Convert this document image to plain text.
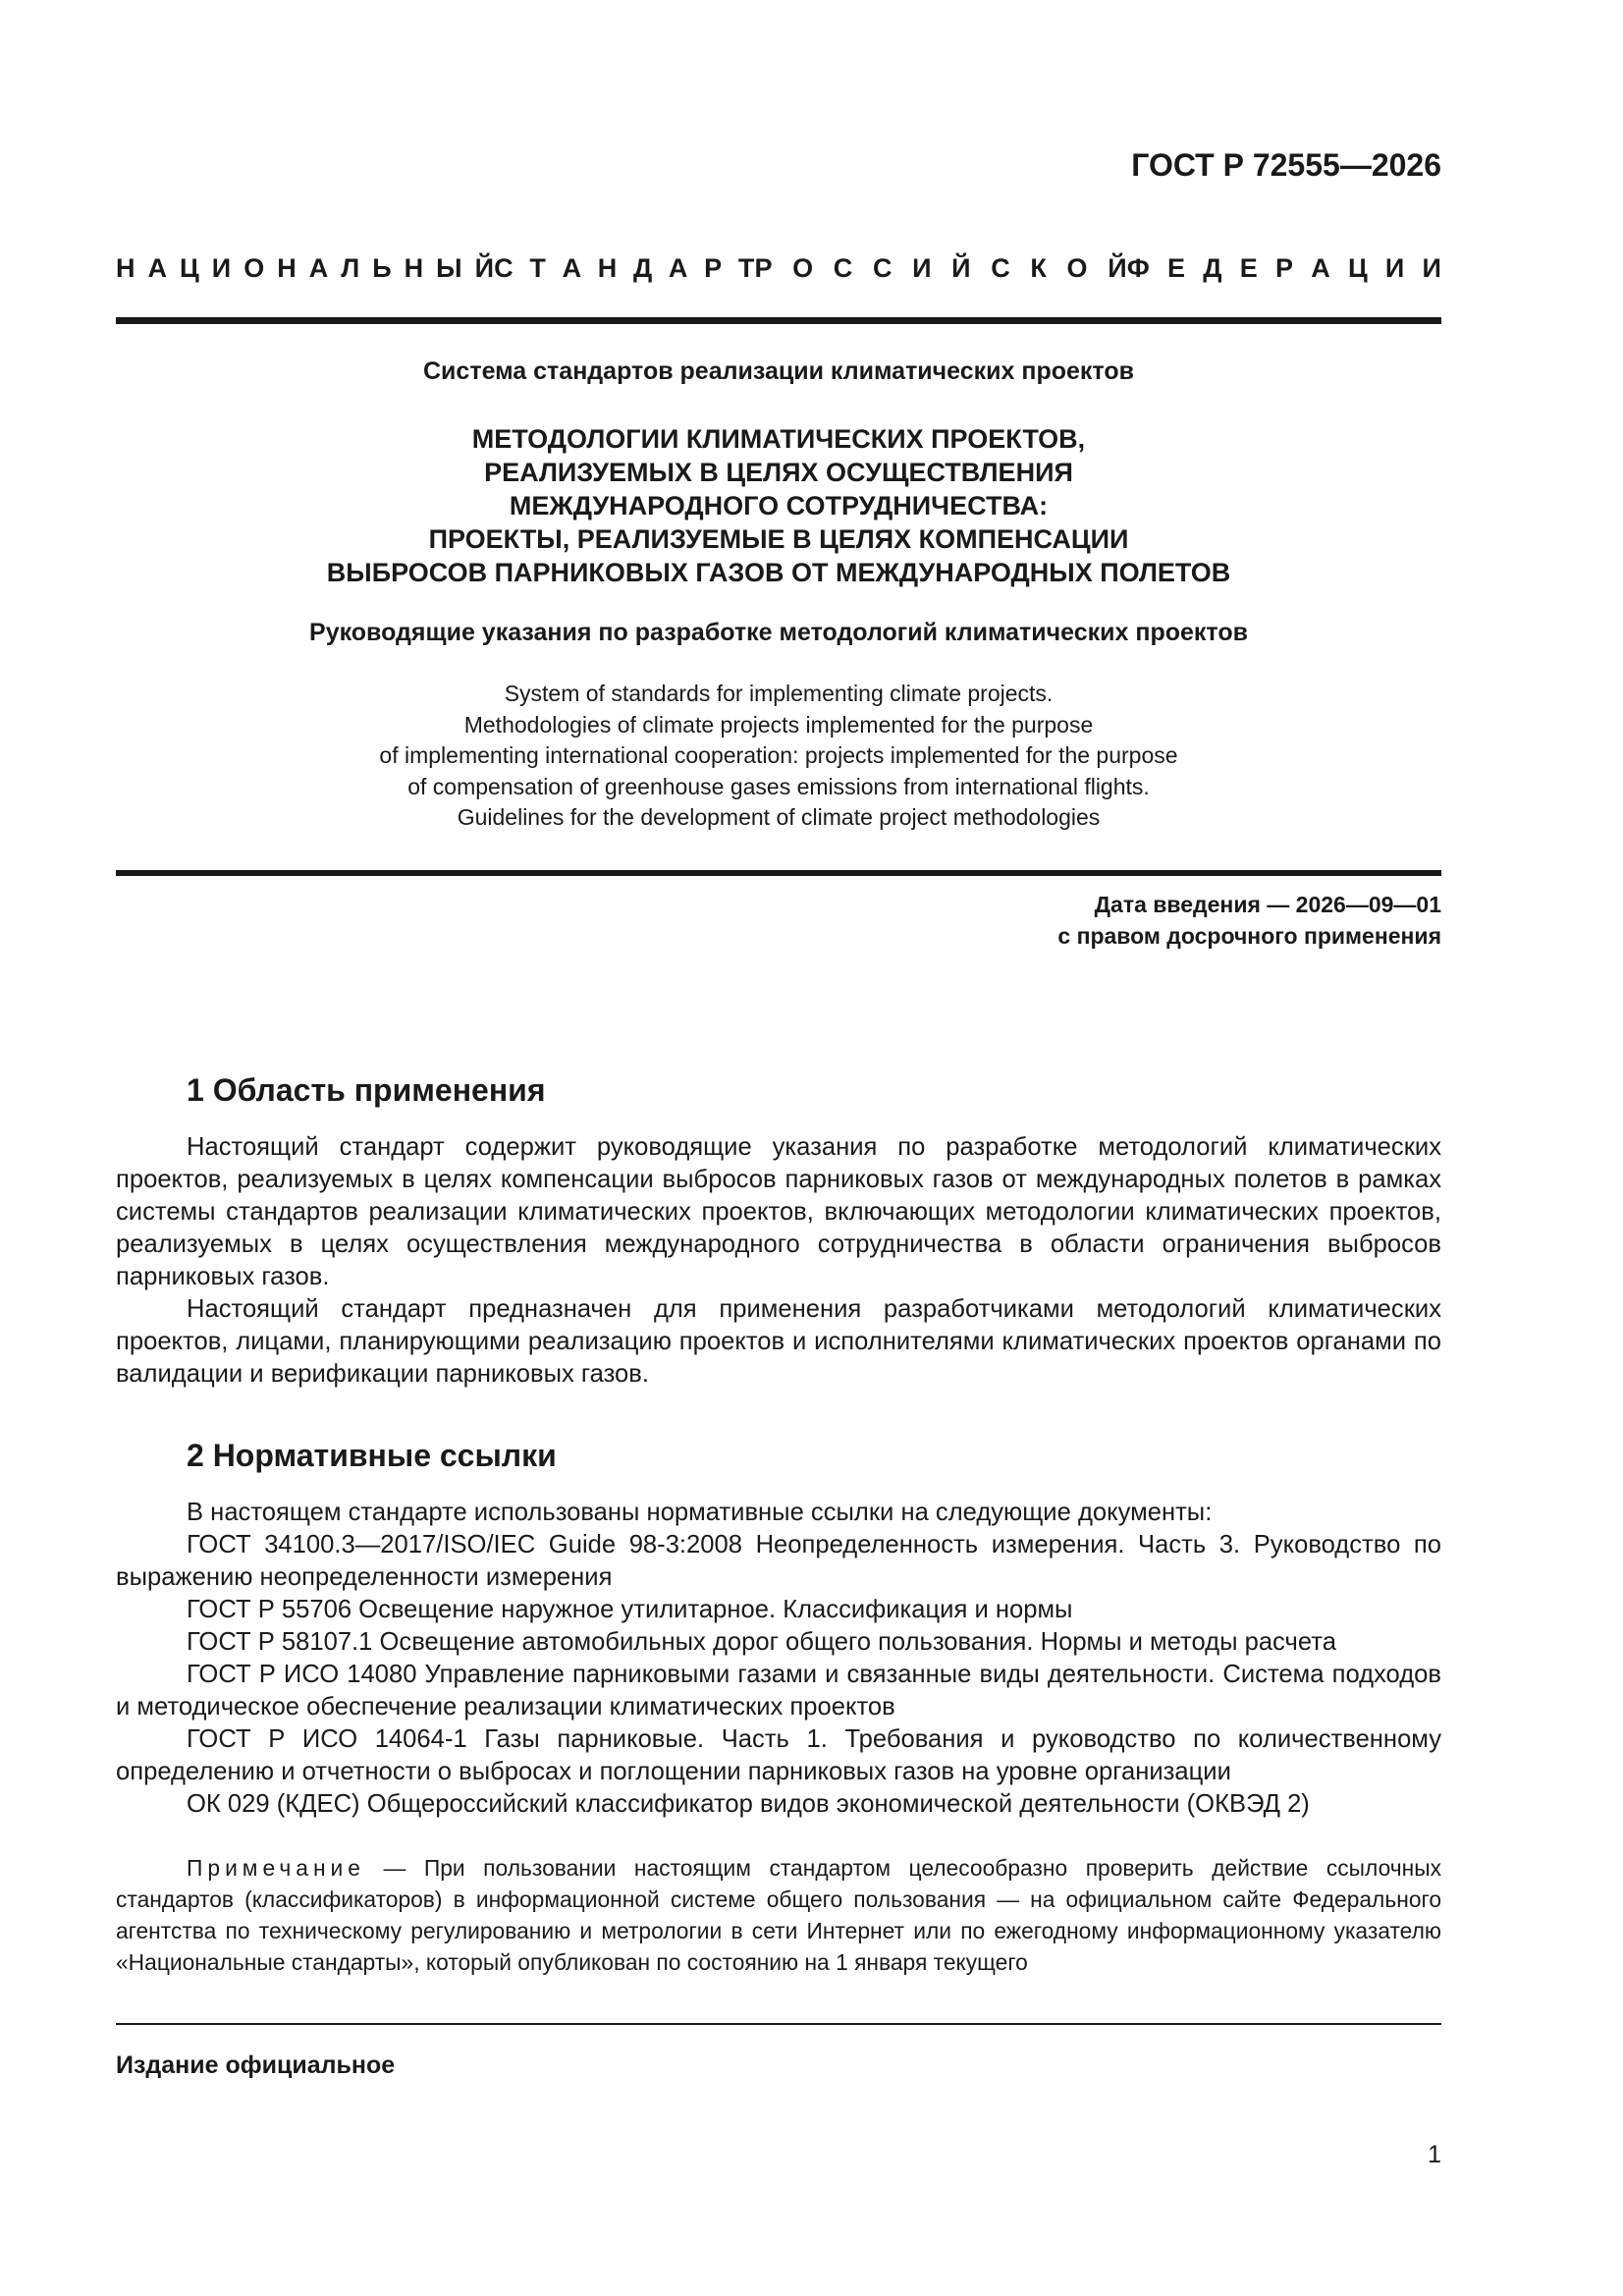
ГОСТ Р 72555—2026
Н А Ц И О Н А Л Ь Н Ы Й С Т А Н Д А Р Т Р О С С И Й С К О Й Ф Е Д Е Р А Ц И И
Система стандартов реализации климатических проектов
МЕТОДОЛОГИИ КЛИМАТИЧЕСКИХ ПРОЕКТОВ,
РЕАЛИЗУЕМЫХ В ЦЕЛЯХ ОСУЩЕСТВЛЕНИЯ
МЕЖДУНАРОДНОГО СОТРУДНИЧЕСТВА:
ПРОЕКТЫ, РЕАЛИЗУЕМЫЕ В ЦЕЛЯХ КОМПЕНСАЦИИ
ВЫБРОСОВ ПАРНИКОВЫХ ГАЗОВ ОТ МЕЖДУНАРОДНЫХ ПОЛЕТОВ
Руководящие указания по разработке методологий климатических проектов
System of standards for implementing climate projects.
Methodologies of climate projects implemented for the purpose
of implementing international cooperation: projects implemented for the purpose
of compensation of greenhouse gases emissions from international flights.
Guidelines for the development of climate project methodologies
Дата введения — 2026—09—01
с правом досрочного применения
1 Область применения

Настоящий стандарт содержит руководящие указания по разработке методологий климатических проектов, реализуемых в целях компенсации выбросов парниковых газов от международных полетов в рамках системы стандартов реализации климатических проектов, включающих методологии климатических проектов, реализуемых в целях осуществления международного сотрудничества в области ограничения выбросов парниковых газов.

Настоящий стандарт предназначен для применения разработчиками методологий климатических проектов, лицами, планирующими реализацию проектов и исполнителями климатических проектов органами по валидации и верификации парниковых газов.

2 Нормативные ссылки

В настоящем стандарте использованы нормативные ссылки на следующие документы:

ГОСТ 34100.3—2017/ISO/IEC Guide 98-3:2008 Неопределенность измерения. Часть 3. Руководство по выражению неопределенности измерения

ГОСТ Р 55706 Освещение наружное утилитарное. Классификация и нормы

ГОСТ Р 58107.1 Освещение автомобильных дорог общего пользования. Нормы и методы расчета

ГОСТ Р ИСО 14080 Управление парниковыми газами и связанные виды деятельности. Система подходов и методическое обеспечение реализации климатических проектов

ГОСТ Р ИСО 14064-1 Газы парниковые. Часть 1. Требования и руководство по количественному определению и отчетности о выбросах и поглощении парниковых газов на уровне организации

ОК 029 (КДЕС) Общероссийский классификатор видов экономической деятельности (ОКВЭД 2)

Примечание — При пользовании настоящим стандартом целесообразно проверить действие ссылочных стандартов (классификаторов) в информационной системе общего пользования — на официальном сайте Федерального агентства по техническому регулированию и метрологии в сети Интернет или по ежегодному информационному указателю «Национальные стандарты», который опубликован по состоянию на 1 января текущего
Издание официальное
1
